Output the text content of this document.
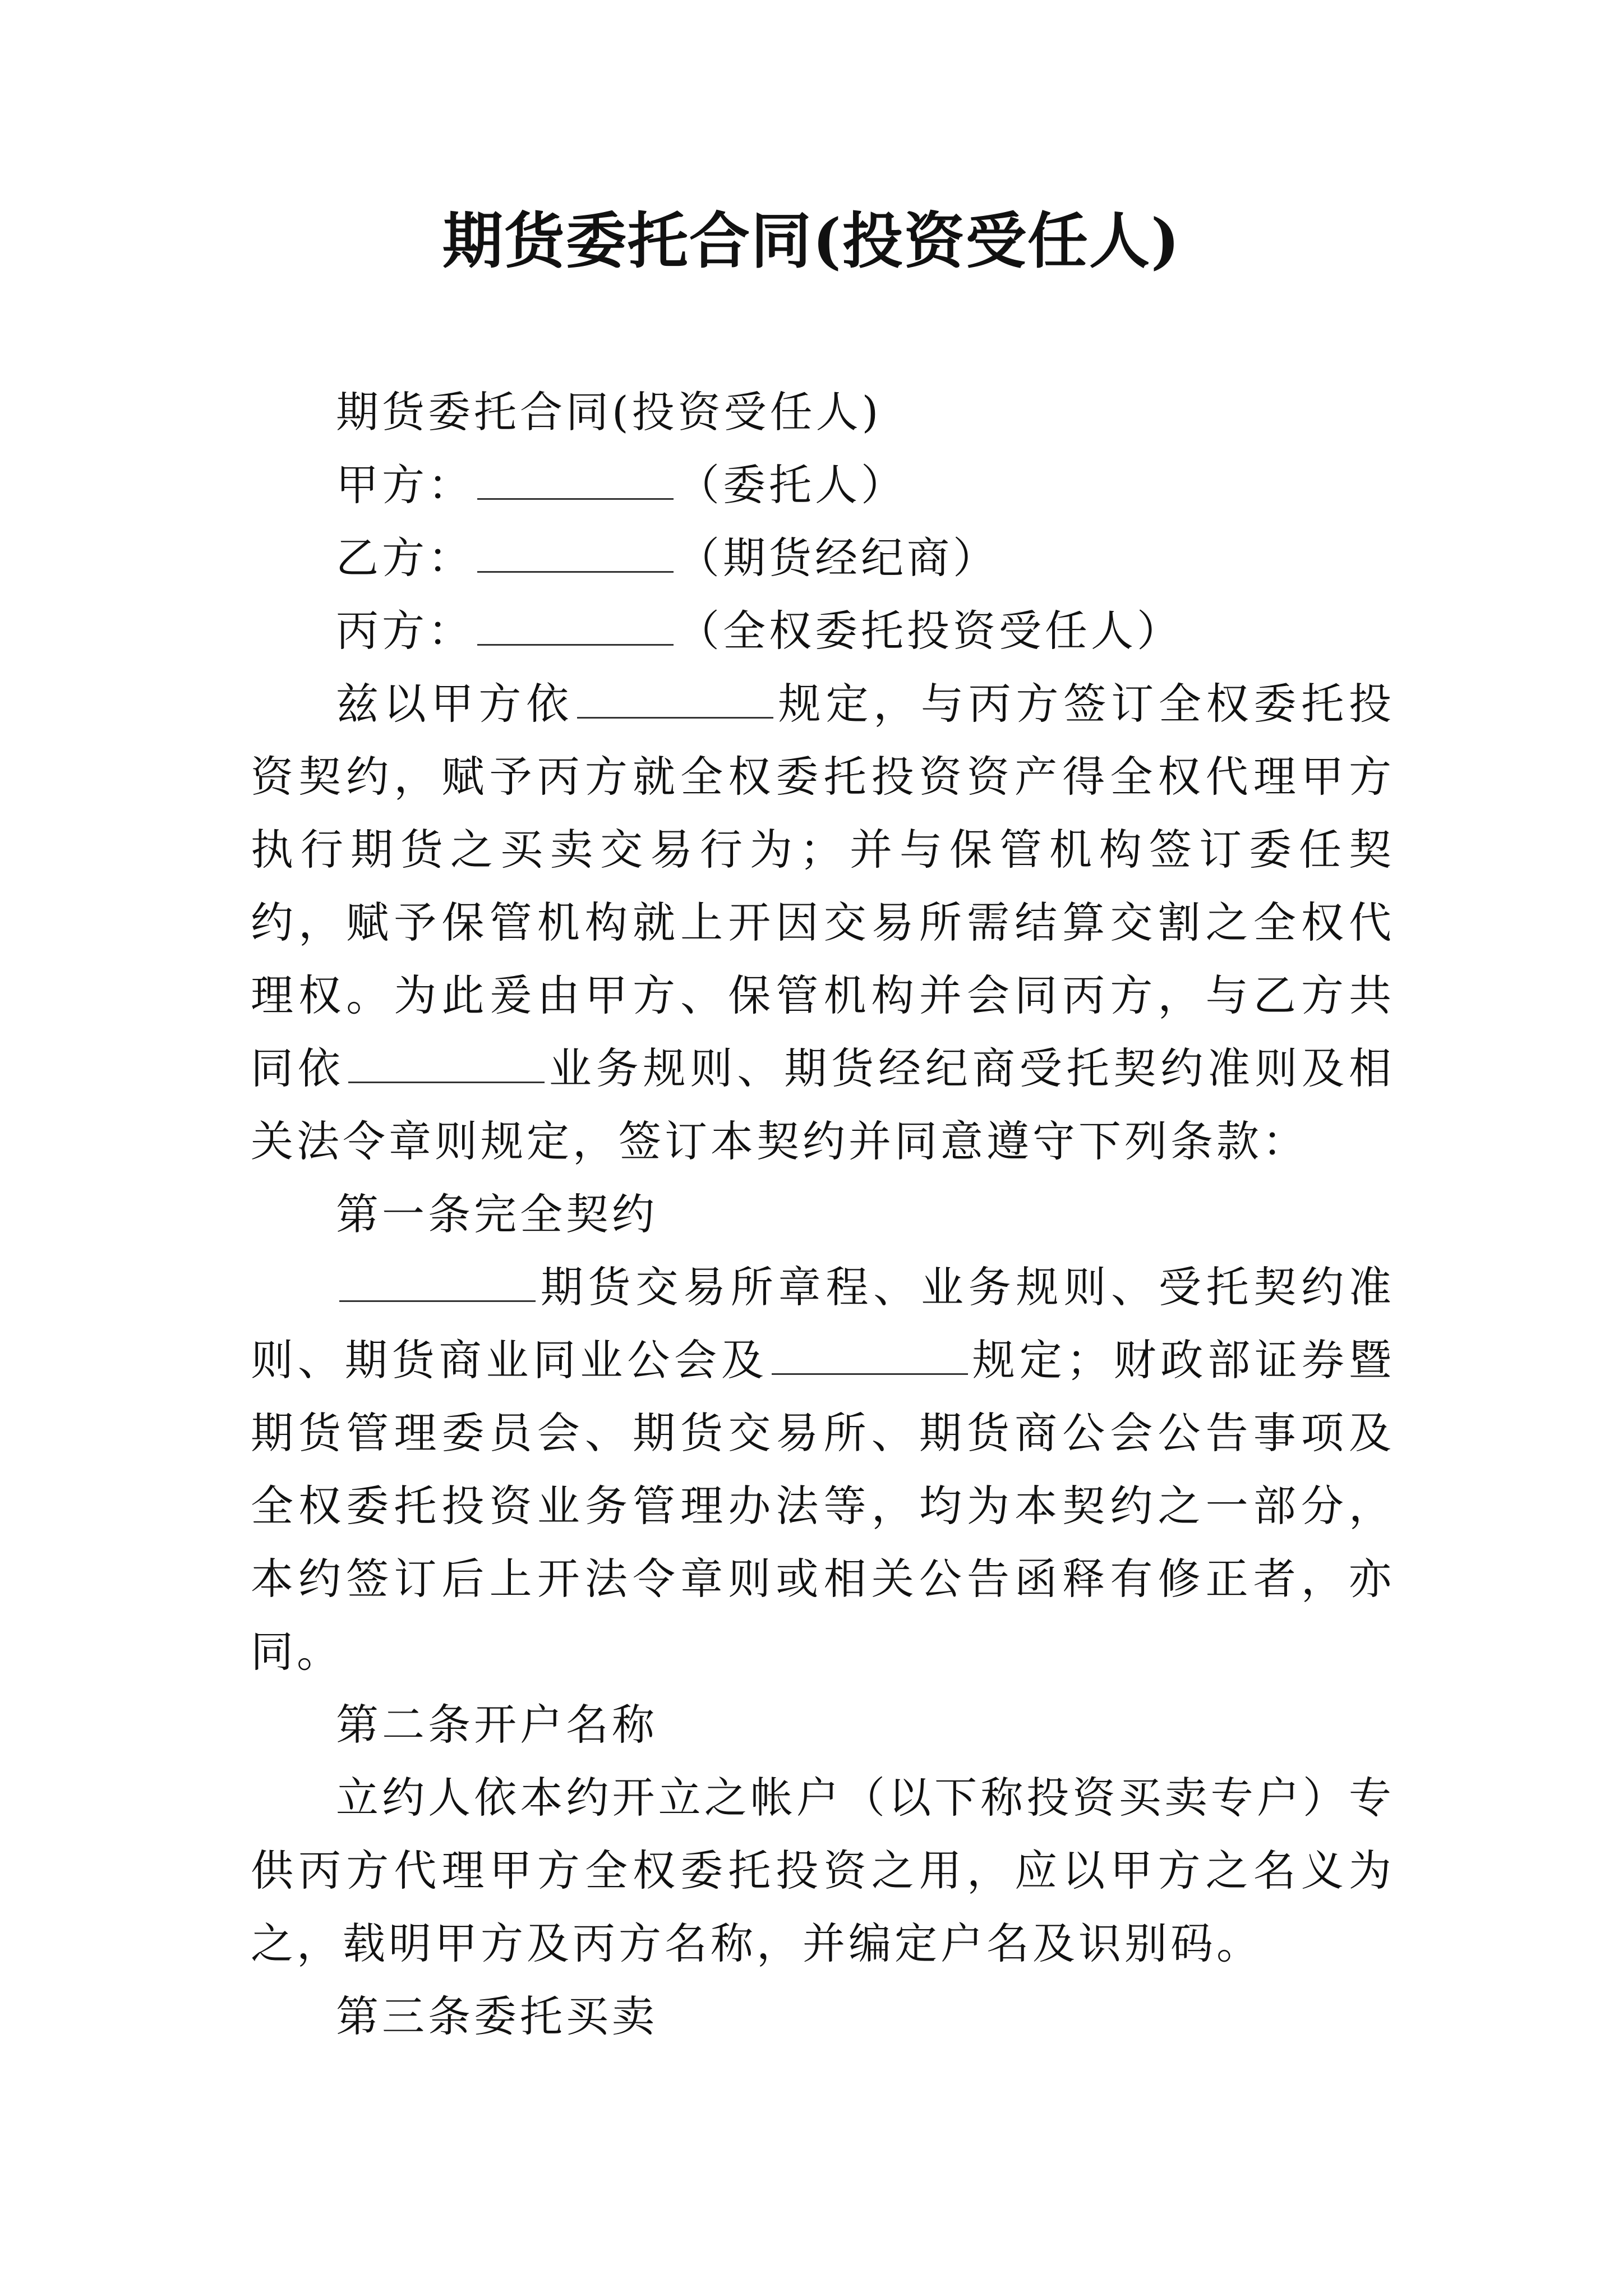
期货委托合同(投资受任人)

期货委托合同(投资受任人)

甲方：	（委托人）

乙方：	（期货经纪商）

丙方：	（全权委托投资受任人）

兹以甲方依	规定，与丙方签订全权委托投资契约，赋予丙方就全权委托投资资产得全权代理甲方执行期货之买卖交易行为；并与保管机构签订委任契约，赋予保管机构就上开因交易所需结算交割之全权代理权。为此爰由甲方、保管机构并会同丙方，与乙方共同依	业务规则、期货经纪商受托契约准则及相关法令章则规定，签订本契约并同意遵守下列条款：

第一条完全契约

期货交易所章程、业务规则、受托契约准则、期货商业同业公会及	规定；财政部证券暨期货管理委员会、期货交易所、期货商公会公告事项及全权委托投资业务管理办法等，均为本契约之一部分，本约签订后上开法令章则或相关公告函释有修正者，亦同。

第二条开户名称

立约人依本约开立之帐户（以下称投资买卖专户）专供丙方代理甲方全权委托投资之用，应以甲方之名义为之，载明甲方及丙方名称，并编定户名及识别码。

第三条委托买卖
